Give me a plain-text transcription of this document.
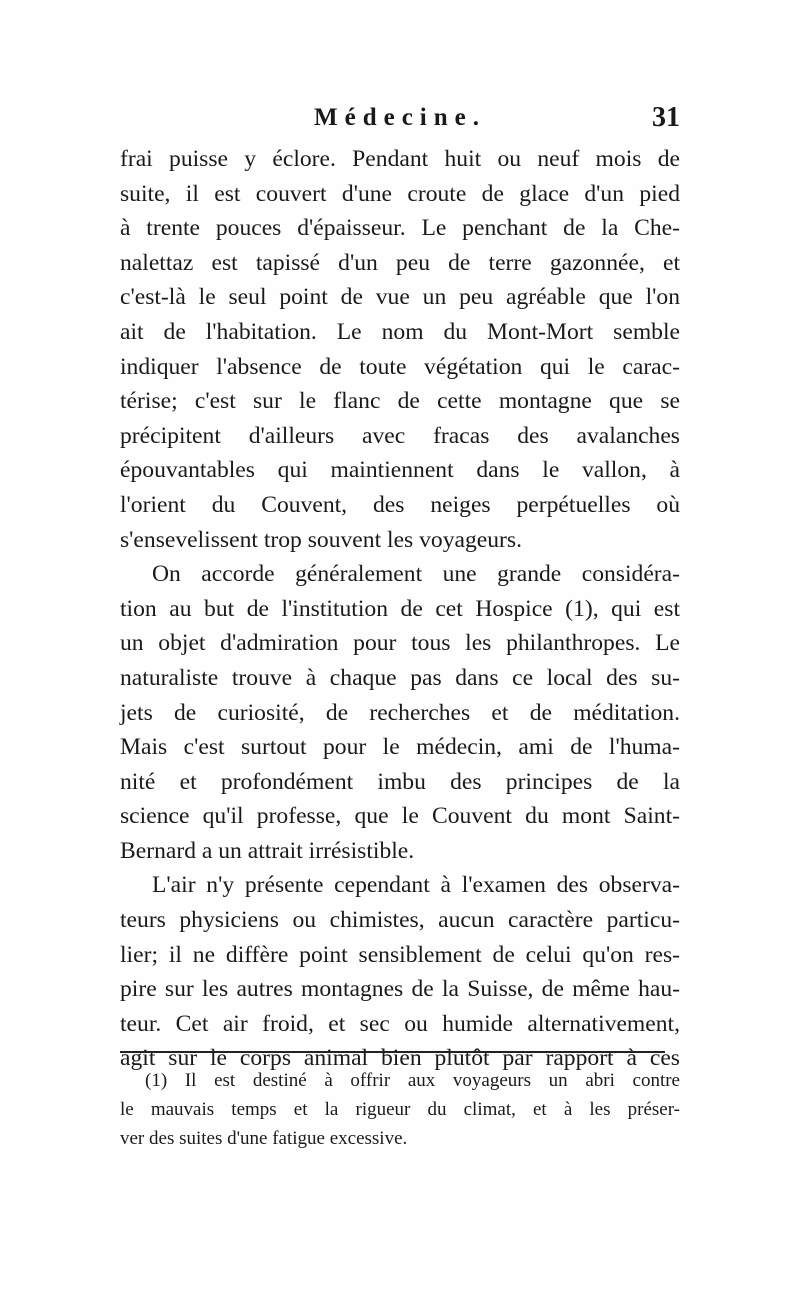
Médecine.	31
frai puisse y éclore. Pendant huit ou neuf mois de
suite, il est couvert d'une croute de glace d'un pied
à trente pouces d'épaisseur. Le penchant de la Che-
nalettaz est tapissé d'un peu de terre gazonnée, et
c'est-là le seul point de vue un peu agréable que l'on
ait de l'habitation. Le nom du Mont-Mort semble
indiquer l'absence de toute végétation qui le carac-
térise; c'est sur le flanc de cette montagne que se
précipitent d'ailleurs avec fracas des avalanches
épouvantables qui maintiennent dans le vallon, à
l'orient du Couvent, des neiges perpétuelles où
s'ensevelissent trop souvent les voyageurs.
On accorde généralement une grande considéra-
tion au but de l'institution de cet Hospice (1), qui est
un objet d'admiration pour tous les philanthropes. Le
naturaliste trouve à chaque pas dans ce local des su-
jets de curiosité, de recherches et de méditation.
Mais c'est surtout pour le médecin, ami de l'huma-
nité et profondément imbu des principes de la
science qu'il professe, que le Couvent du mont Saint-
Bernard a un attrait irrésistible.
L'air n'y présente cependant à l'examen des observa-
teurs physiciens ou chimistes, aucun caractère particu-
lier; il ne diffère point sensiblement de celui qu'on res-
pire sur les autres montagnes de la Suisse, de même hau-
teur. Cet air froid, et sec ou humide alternativement,
agit sur le corps animal bien plutôt par rapport à ces
(1) Il est destiné à offrir aux voyageurs un abri contre
le mauvais temps et la rigueur du climat, et à les préser-
ver des suites d'une fatigue excessive.
